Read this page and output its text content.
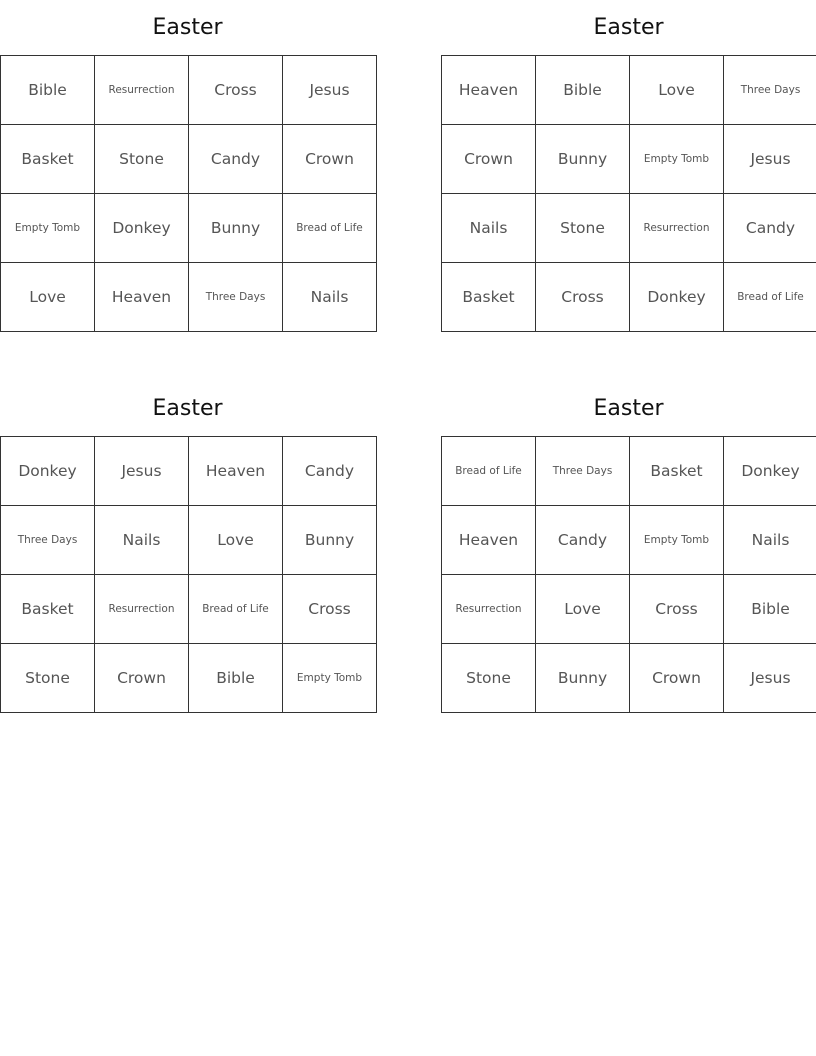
Easter
Bible	Resurrection	Cross	Jesus
Basket	Stone	Candy	Crown
Empty Tomb	Donkey	Bunny	Bread of Life
Love	Heaven	Three Days	Nails
Easter
Heaven	Bible	Love	Three Days
Crown	Bunny	Empty Tomb	Jesus
Nails	Stone	Resurrection	Candy
Basket	Cross	Donkey	Bread of Life
Easter
Donkey	Jesus	Heaven	Candy
Three Days	Nails	Love	Bunny
Basket	Resurrection	Bread of Life	Cross
Stone	Crown	Bible	Empty Tomb
Easter
Bread of Life	Three Days	Basket	Donkey
Heaven	Candy	Empty Tomb	Nails
Resurrection	Love	Cross	Bible
Stone	Bunny	Crown	Jesus
